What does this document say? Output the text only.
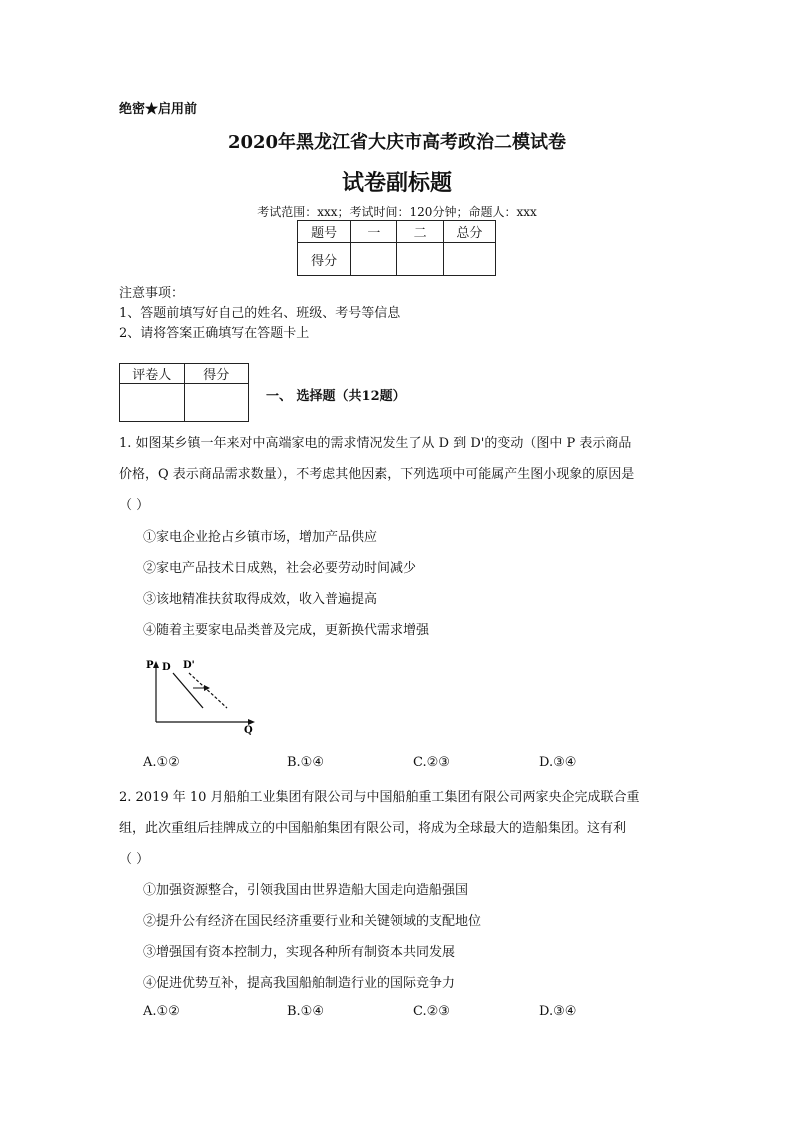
绝密★启用前
2020年黑龙江省大庆市高考政治二模试卷
试卷副标题
考试范围：xxx；考试时间：120分钟；命题人：xxx
题号	一	二	总分
得分			
注意事项：
1、答题前填写好自己的姓名、班级、考号等信息
2、请将答案正确填写在答题卡上
评卷人	得分

一、 选择题（共12题）
1. 如图某乡镇一年来对中高端家电的需求情况发生了从 D 到 D'的变动（图中 P 表示商品
价格，Q 表示商品需求数量），不考虑其他因素，下列选项中可能属产生图小现象的原因是
（ ）
①家电企业抢占乡镇市场，增加产品供应
②家电产品技术日成熟，社会必要劳动时间减少
③该地精准扶贫取得成效，收入普遍提高
④随着主要家电品类普及完成，更新换代需求增强
P D D'
Q
A.①②	B.①④	C.②③	D.③④
2. 2019 年 10 月船舶工业集团有限公司与中国船舶重工集团有限公司两家央企完成联合重
组，此次重组后挂牌成立的中国船舶集团有限公司，将成为全球最大的造船集团。这有利
（ ）
①加强资源整合，引领我国由世界造船大国走向造船强国
②提升公有经济在国民经济重要行业和关键领域的支配地位
③增强国有资本控制力，实现各种所有制资本共同发展
④促进优势互补，提高我国船舶制造行业的国际竞争力
A.①②	B.①④	C.②③	D.③④
